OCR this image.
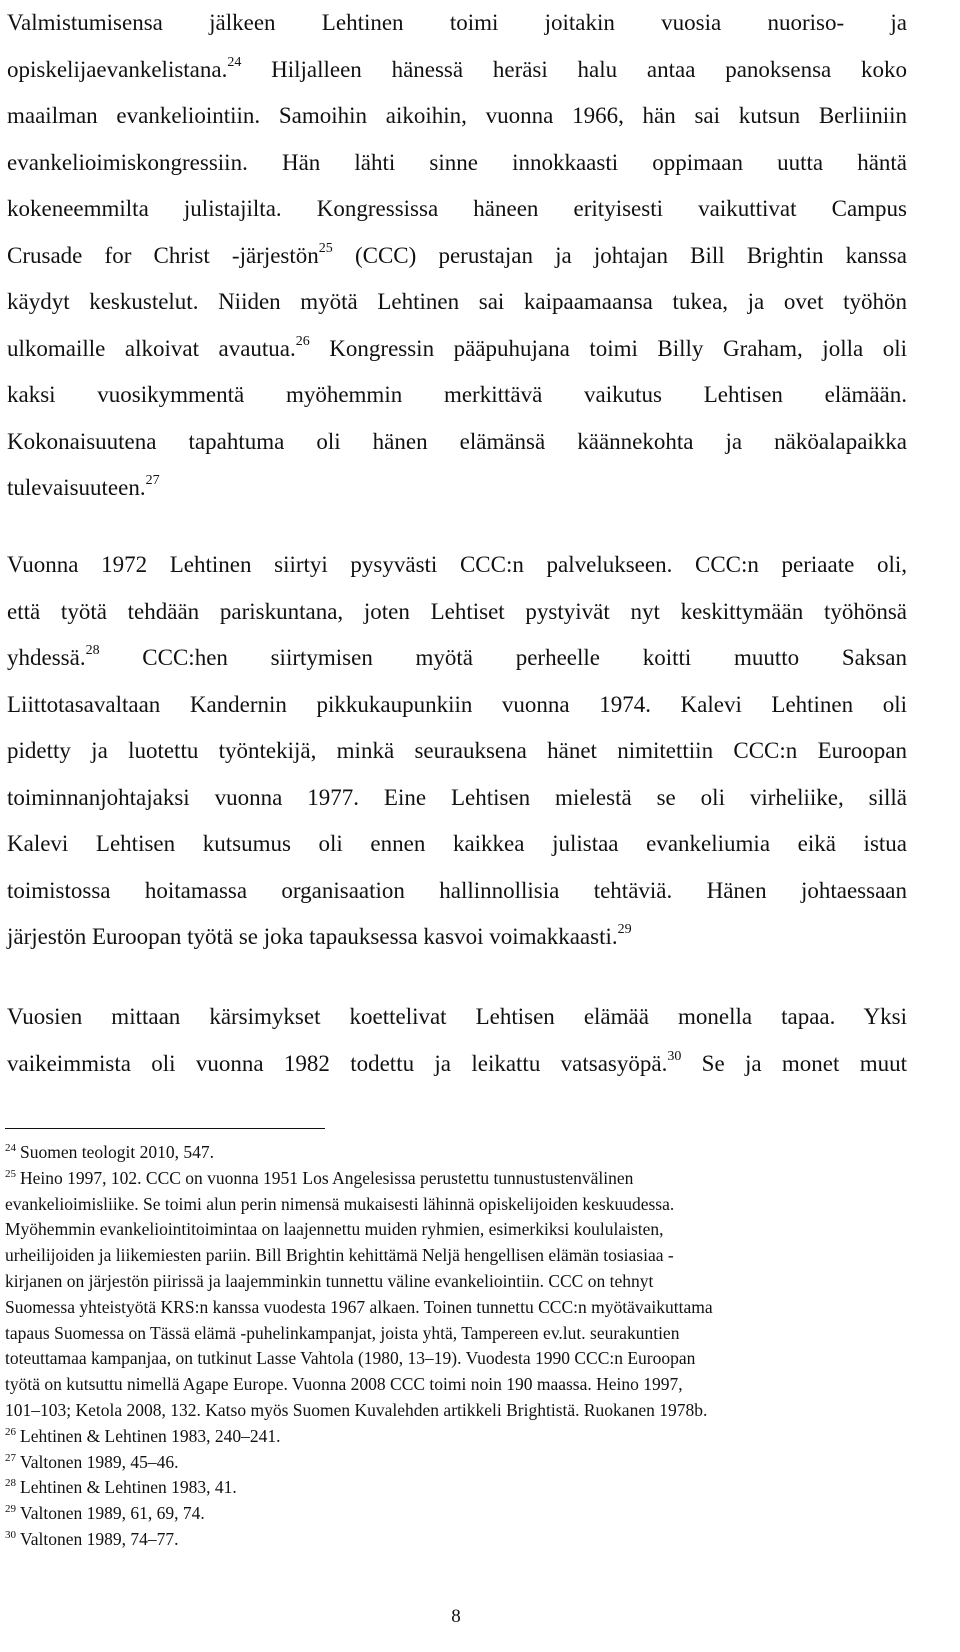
Valmistumisensa jälkeen Lehtinen toimi joitakin vuosia nuoriso- ja
opiskelijaevankelistana.$^{24}$ Hiljalleen hänessä heräsi halu antaa panoksensa koko
maailman evankeliointiin. Samoihin aikoihin, vuonna 1966, hän sai kutsun Berliiniin
evankelioimiskongressiin. Hän lähti sinne innokkaasti oppimaan uutta häntä
kokeneemmilta julistajilta. Kongressissa häneen erityisesti vaikuttivat Campus
Crusade for Christ -järjestön$^{25}$ (CCC) perustajan ja johtajan Bill Brightin kanssa
käydyt keskustelut. Niiden myötä Lehtinen sai kaipaamaansa tukea, ja ovet työhön
ulkomaille alkoivat avautua.$^{26}$ Kongressin pääpuhujana toimi Billy Graham, jolla oli
kaksi vuosikymmentä myöhemmin merkittävä vaikutus Lehtisen elämään.
Kokonaisuutena tapahtuma oli hänen elämänsä käännekohta ja näköalapaikka
tulevaisuuteen.$^{27}$
Vuonna 1972 Lehtinen siirtyi pysyvästi CCC:n palvelukseen. CCC:n periaate oli,
että työtä tehdään pariskuntana, joten Lehtiset pystyivät nyt keskittymään työhönsä
yhdessä.$^{28}$ CCC:hen siirtymisen myötä perheelle koitti muutto Saksan
Liittotasavaltaan Kandernin pikkukaupunkiin vuonna 1974. Kalevi Lehtinen oli
pidetty ja luotettu työntekijä, minkä seurauksena hänet nimitettiin CCC:n Euroopan
toiminnanjohtajaksi vuonna 1977. Eine Lehtisen mielestä se oli virheliike, sillä
Kalevi Lehtisen kutsumus oli ennen kaikkea julistaa evankeliumia eikä istua
toimistossa hoitamassa organisaation hallinnollisia tehtäviä. Hänen johtaessaan
järjestön Euroopan työtä se joka tapauksessa kasvoi voimakkaasti.$^{29}$
Vuosien mittaan kärsimykset koettelivat Lehtisen elämää monella tapaa. Yksi
vaikeimmista oli vuonna 1982 todettu ja leikattu vatsasyöpä.$^{30}$ Se ja monet muut
$^{24}$ Suomen teologit 2010, 547.
$^{25}$ Heino 1997, 102. CCC on vuonna 1951 Los Angelesissa perustettu tunnustustenvälinen
evankelioimisliike. Se toimi alun perin nimensä mukaisesti lähinnä opiskelijoiden keskuudessa.
Myöhemmin evankeliointitoimintaa on laajennettu muiden ryhmien, esimerkiksi koululaisten,
urheilijoiden ja liikemiesten pariin. Bill Brightin kehittämä Neljä hengellisen elämän tosiasiaa -
kirjanen on järjestön piirissä ja laajemminkin tunnettu väline evankeliointiin. CCC on tehnyt
Suomessa yhteistyötä KRS:n kanssa vuodesta 1967 alkaen. Toinen tunnettu CCC:n myötävaikuttama
tapaus Suomessa on Tässä elämä -puhelinkampanjat, joista yhtä, Tampereen ev.lut. seurakuntien
toteuttamaa kampanjaa, on tutkinut Lasse Vahtola (1980, 13–19). Vuodesta 1990 CCC:n Euroopan
työtä on kutsuttu nimellä Agape Europe. Vuonna 2008 CCC toimi noin 190 maassa. Heino 1997,
101–103; Ketola 2008, 132. Katso myös Suomen Kuvalehden artikkeli Brightistä. Ruokanen 1978b.
$^{26}$ Lehtinen & Lehtinen 1983, 240–241.
$^{27}$ Valtonen 1989, 45–46.
$^{28}$ Lehtinen & Lehtinen 1983, 41.
$^{29}$ Valtonen 1989, 61, 69, 74.
$^{30}$ Valtonen 1989, 74–77.
8
